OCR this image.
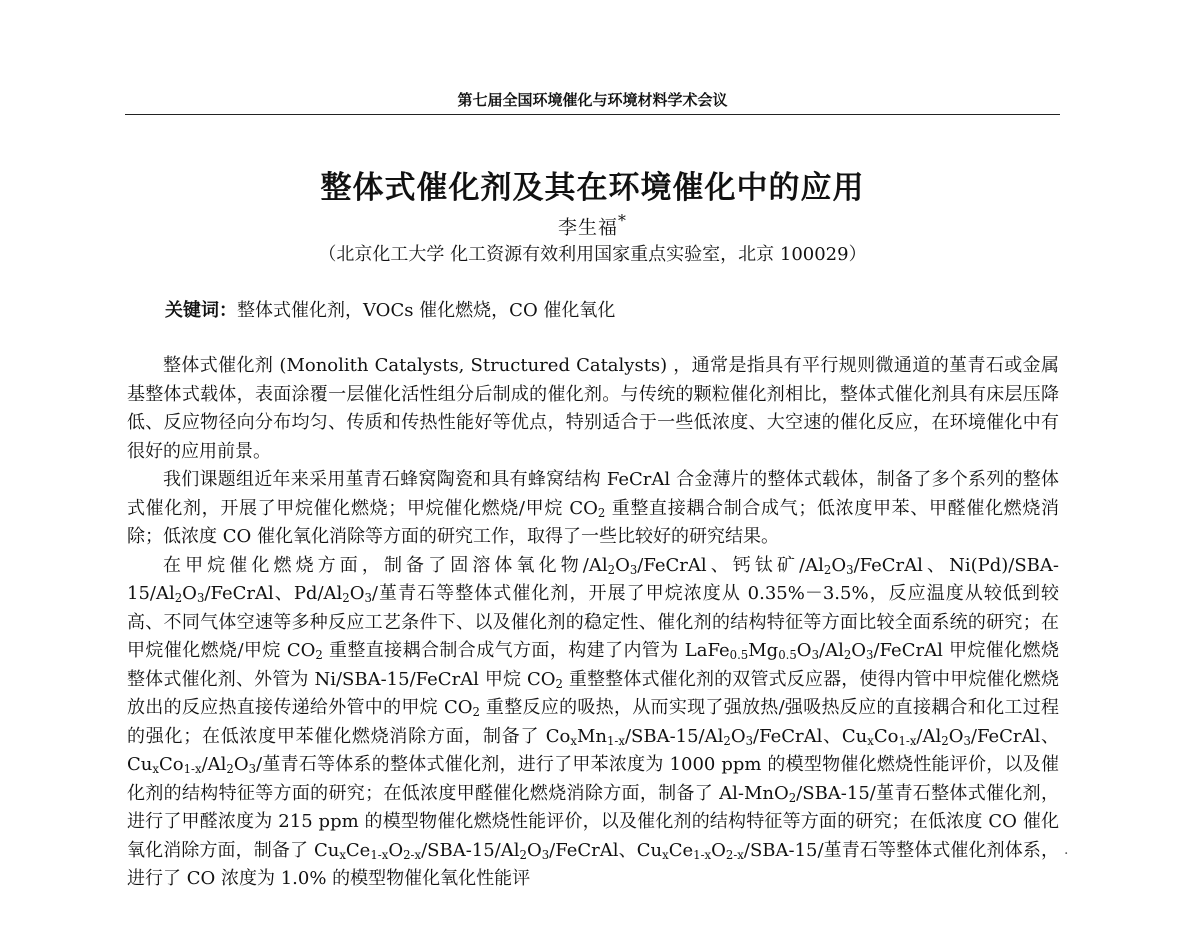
第七届全国环境催化与环境材料学术会议
整体式催化剂及其在环境催化中的应用
李生福*
（北京化工大学 化工资源有效利用国家重点实验室，北京 100029）
关键词：整体式催化剂，VOCs 催化燃烧，CO 催化氧化

整体式催化剂 (Monolith Catalysts, Structured Catalysts) ，通常是指具有平行规则微通道的堇青石或金属基整体式载体，表面涂覆一层催化活性组分后制成的催化剂。与传统的颗粒催化剂相比，整体式催化剂具有床层压降低、反应物径向分布均匀、传质和传热性能好等优点，特别适合于一些低浓度、大空速的催化反应，在环境催化中有很好的应用前景。

我们课题组近年来采用堇青石蜂窝陶瓷和具有蜂窝结构 FeCrAl 合金薄片的整体式载体，制备了多个系列的整体式催化剂，开展了甲烷催化燃烧；甲烷催化燃烧/甲烷 $CO_2$ 重整直接耦合制合成气；低浓度甲苯、甲醛催化燃烧消除；低浓度 CO 催化氧化消除等方面的研究工作，取得了一些比较好的研究结果。

在甲烷催化燃烧方面，制备了固溶体氧化物$/Al_2O_3$/FeCrAl、钙钛矿$/Al_2O_3$/FeCrAl、$Ni(Pd)/SBA-15/Al_2O_3$/FeCrAl、$Pd/Al_2O_3/$堇青石等整体式催化剂，开展了甲烷浓度从 0.35%－3.5%，反应温度从较低到较高、不同气体空速等多种反应工艺条件下、以及催化剂的稳定性、催化剂的结构特征等方面比较全面系统的研究；在甲烷催化燃烧/甲烷 $CO_2$ 重整直接耦合制合成气方面，构建了内管为 $LaFe_{0.5}Mg_{0.5}O_3/Al_2O_3$/FeCrAl 甲烷催化燃烧整体式催化剂、外管为 Ni/SBA-15/FeCrAl 甲烷 $CO_2$ 重整整体式催化剂的双管式反应器，使得内管中甲烷催化燃烧放出的反应热直接传递给外管中的甲烷 $CO_2$ 重整反应的吸热，从而实现了强放热/强吸热反应的直接耦合和化工过程的强化；在低浓度甲苯催化燃烧消除方面，制备了 $Co_xMn_{1-x}/SBA-15/Al_2O_3$/FeCrAl、$Cu_xCo_{1-x}/Al_2O_3$/FeCrAl、$Cu_xCo_{1-x}/Al_2O_3/$堇青石等体系的整体式催化剂，进行了甲苯浓度为 1000 ppm 的模型物催化燃烧性能评价，以及催化剂的结构特征等方面的研究；在低浓度甲醛催化燃烧消除方面，制备了 Al-MnO$_2$/SBA-15/堇青石整体式催化剂，进行了甲醛浓度为 215 ppm 的模型物催化燃烧性能评价，以及催化剂的结构特征等方面的研究；在低浓度 CO 催化氧化消除方面，制备了 $Cu_xCe_{1-x}O_{2-x}/SBA-15/Al_2O_3$/FeCrAl、$Cu_xCe_{1-x}O_{2-x}/SBA-15/$堇青石等整体式催化剂体系，进行了 CO 浓度为 1.0% 的模型物催化氧化性能评

·
